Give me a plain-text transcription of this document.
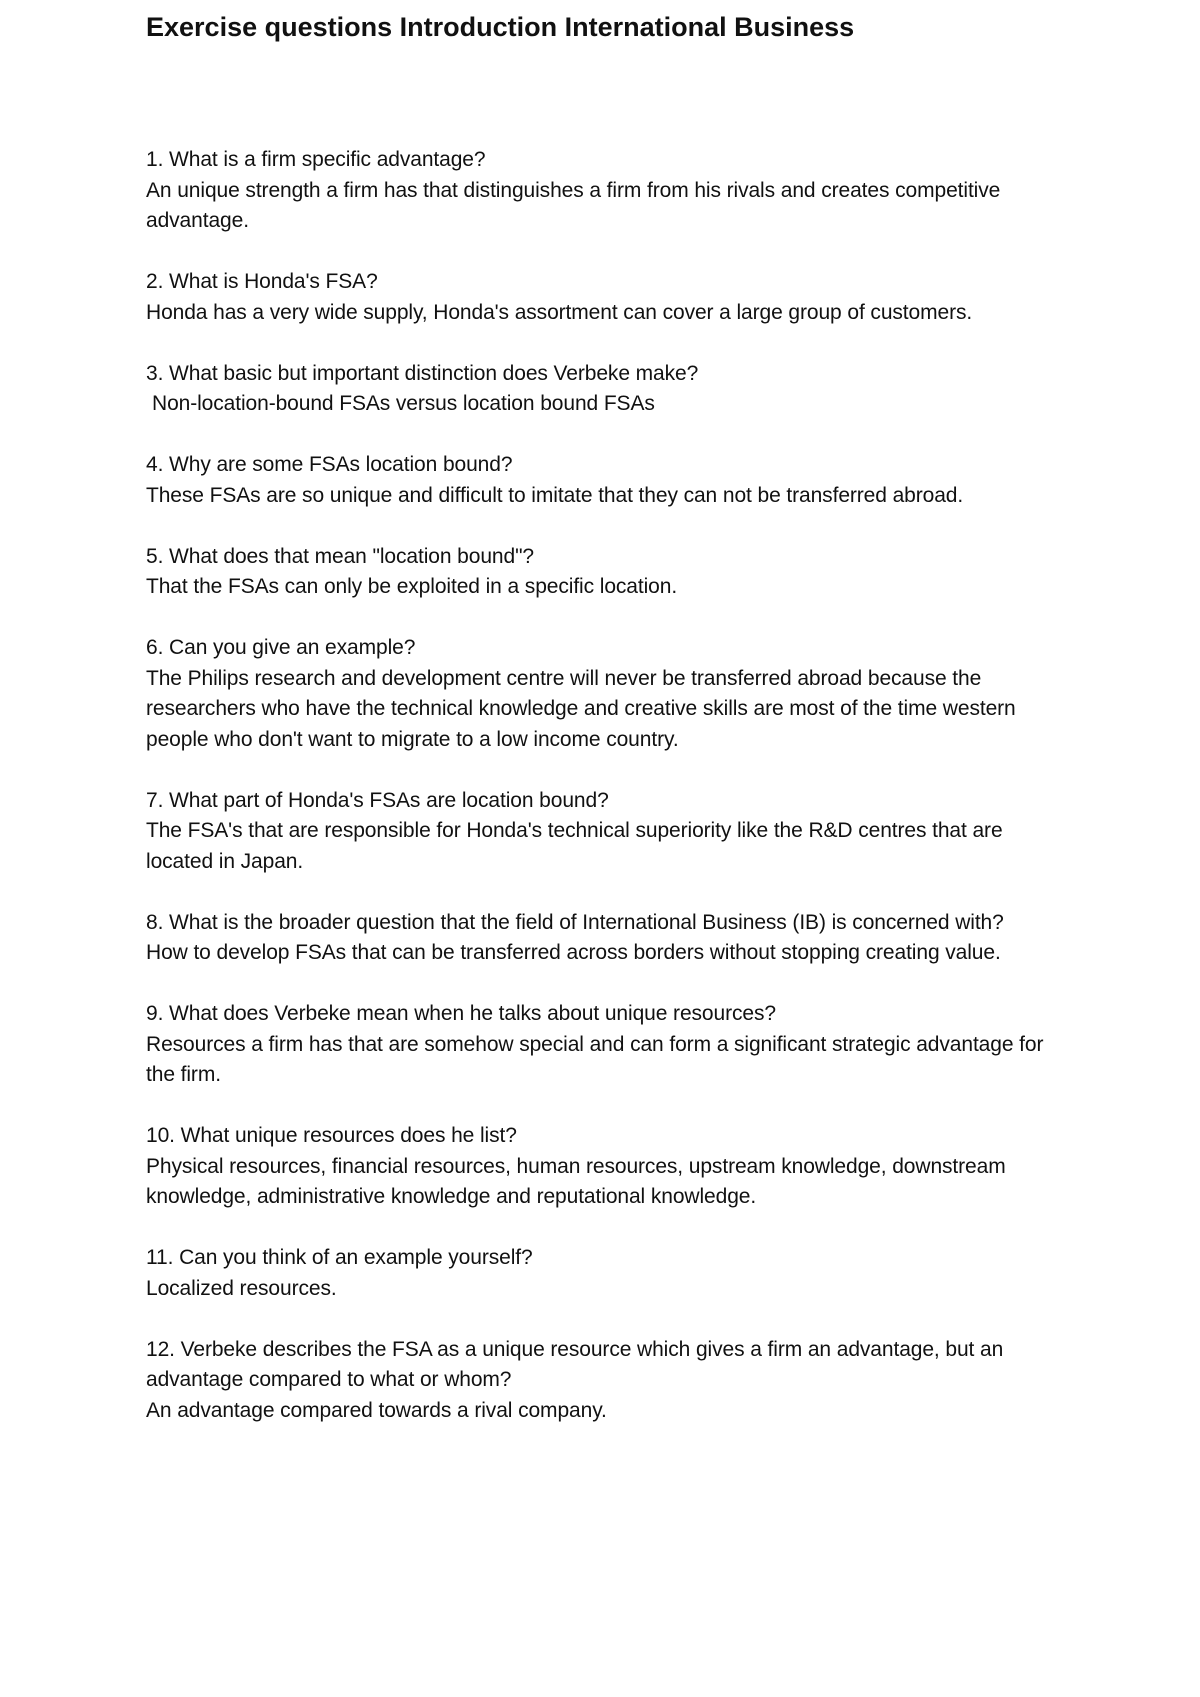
Exercise questions Introduction International Business

1. What is a firm specific advantage?

An unique strength a firm has that distinguishes a firm from his rivals and creates competitive advantage.

2. What is Honda's FSA?

Honda has a very wide supply, Honda's assortment can cover a large group of customers.

3. What basic but important distinction does Verbeke make?

Non-location-bound FSAs versus location bound FSAs

4. Why are some FSAs location bound?

These FSAs are so unique and difficult to imitate that they can not be transferred abroad.

5. What does that mean "location bound"?

That the FSAs can only be exploited in a specific location.

6. Can you give an example?

The Philips research and development centre will never be transferred abroad because the researchers who have the technical knowledge and creative skills are most of the time western people who don't want to migrate to a low income country.

7. What part of Honda's FSAs are location bound?

The FSA's that are responsible for Honda's technical superiority like the R&D centres that are located in Japan.

8. What is the broader question that the field of International Business (IB) is concerned with?

How to develop FSAs that can be transferred across borders without stopping creating value.

9. What does Verbeke mean when he talks about unique resources?

Resources a firm has that are somehow special and can form a significant strategic advantage for the firm.

10. What unique resources does he list?

Physical resources, financial resources, human resources, upstream knowledge, downstream knowledge, administrative knowledge and reputational knowledge.

11. Can you think of an example yourself?

Localized resources.

12. Verbeke describes the FSA as a unique resource which gives a firm an advantage, but an advantage compared to what or whom?

An advantage compared towards a rival company.
